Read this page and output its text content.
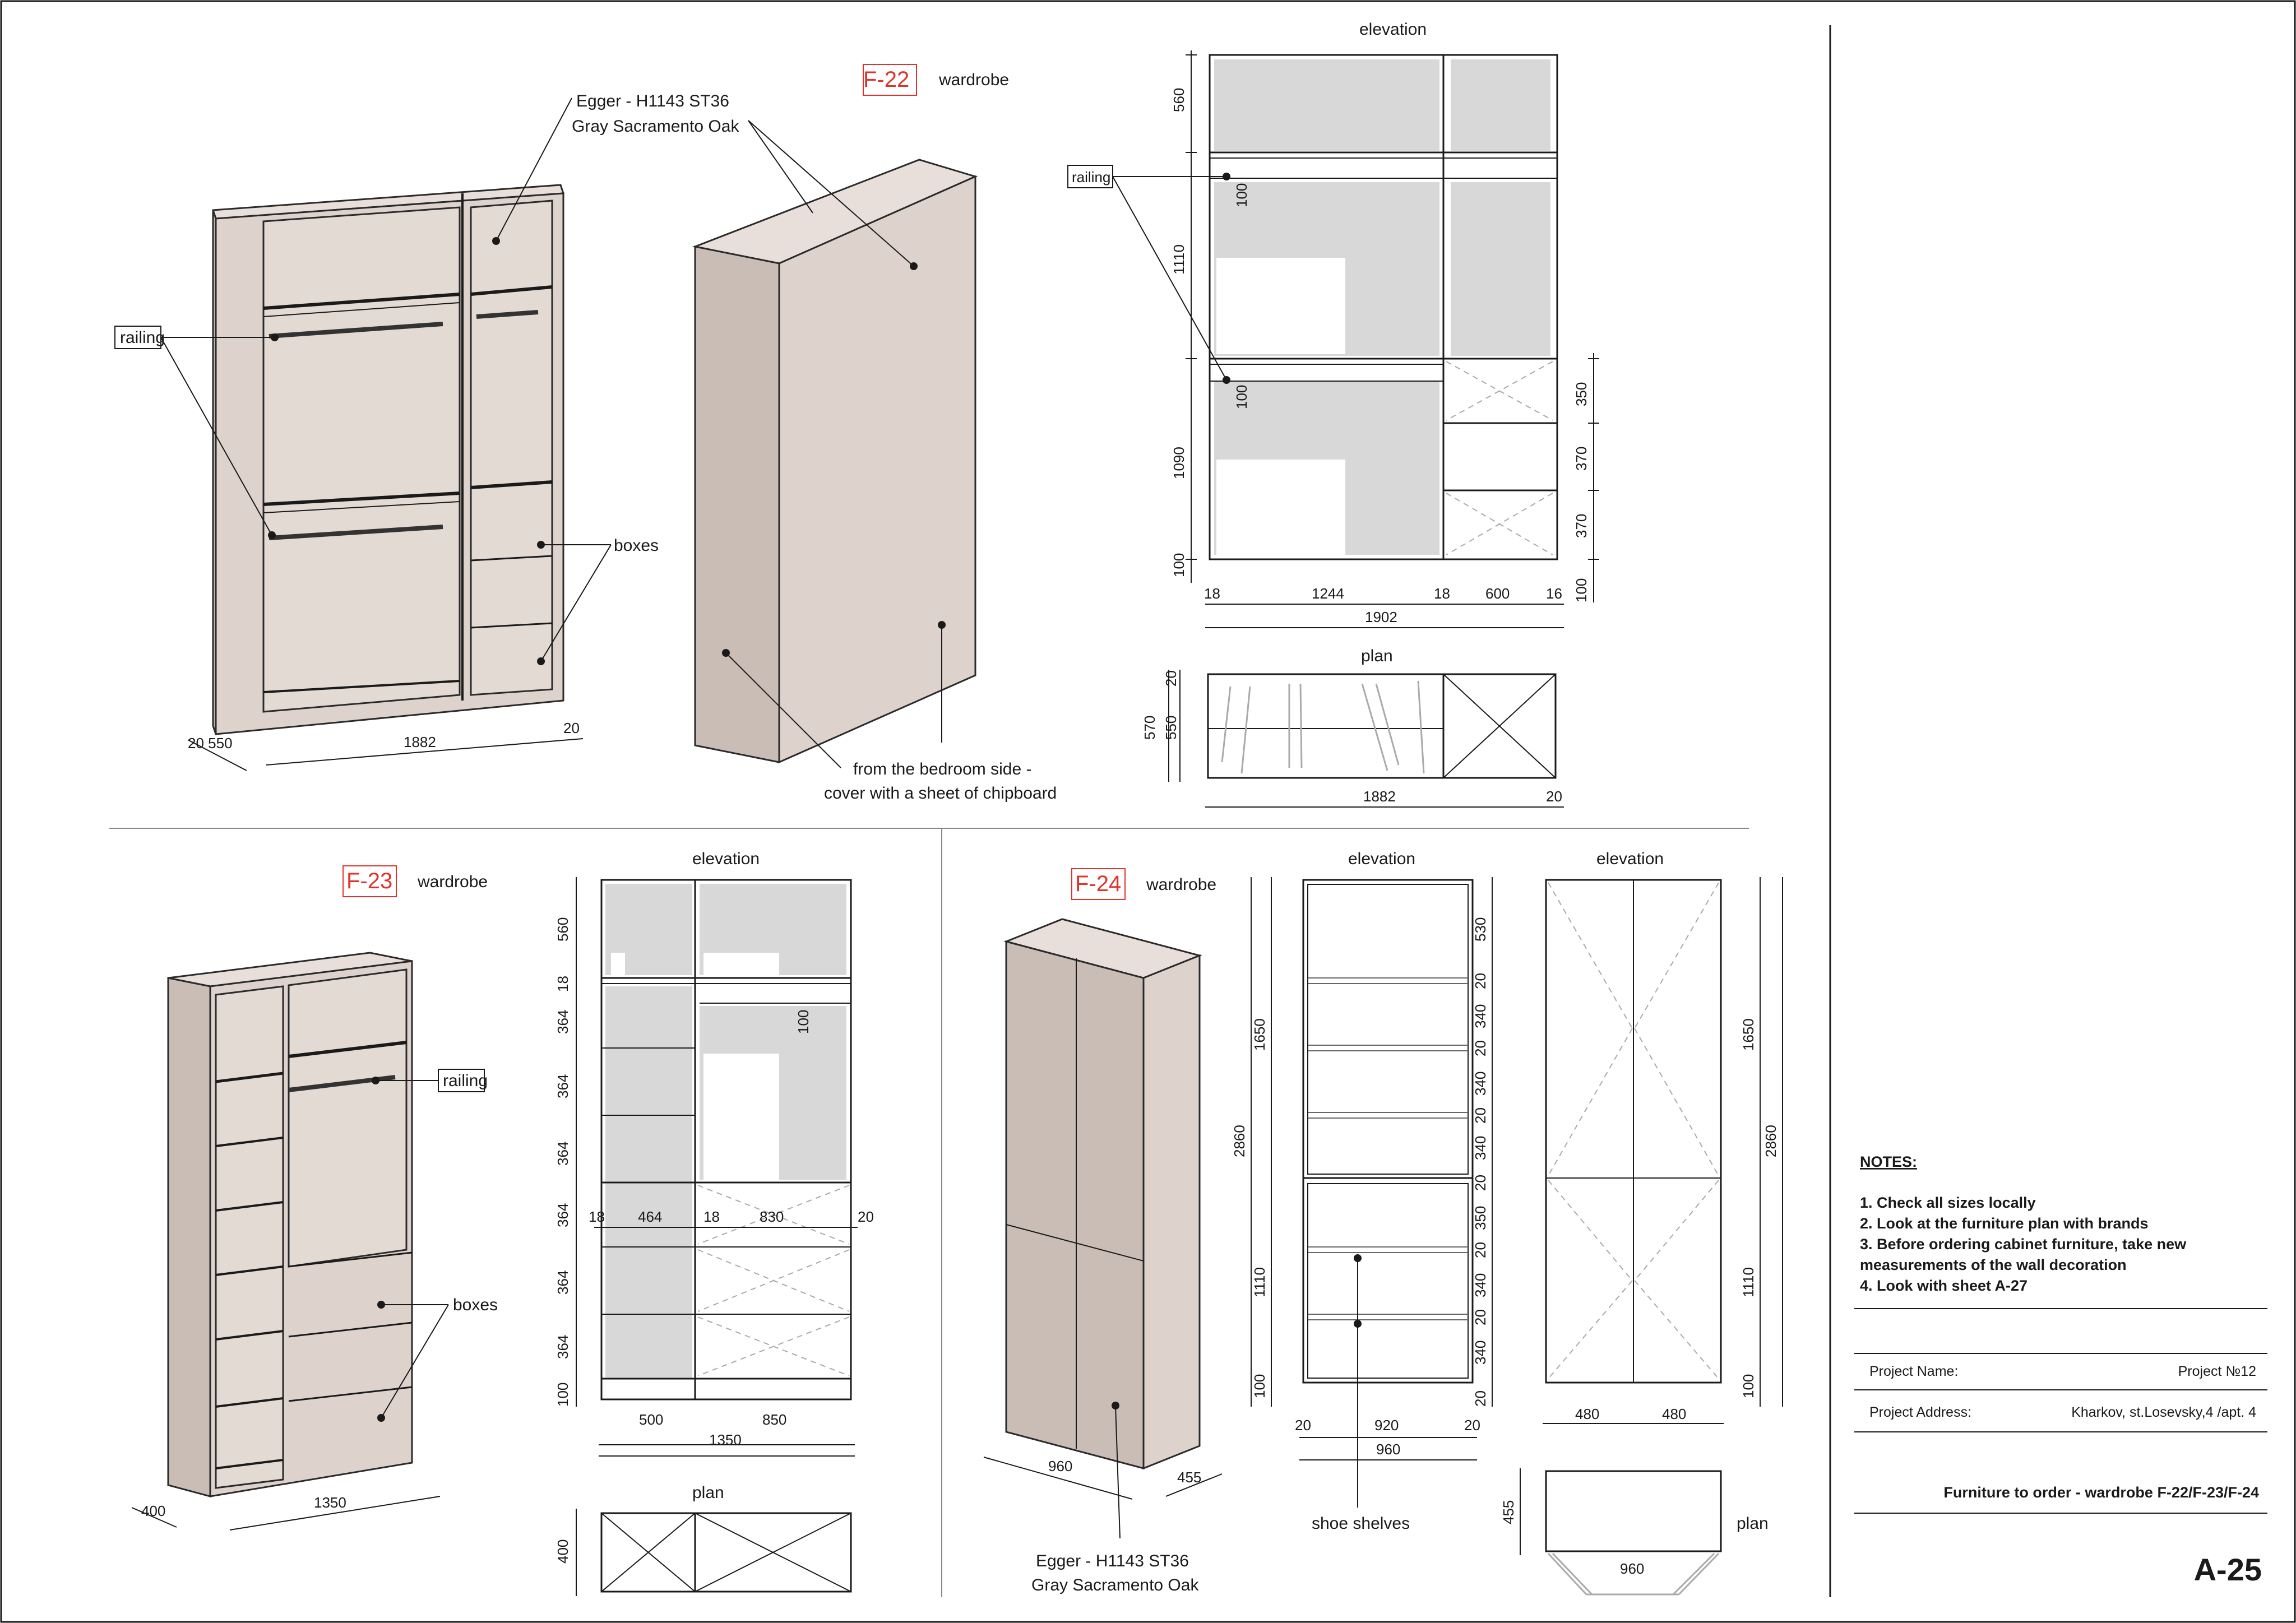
F-22 wardrobe
Egger - H1143 ST36
Gray Sacramento Oak
railing
boxes
from the bedroom side -
cover with a sheet of chipboard
1882
20 550
20
elevation
railing
560
1110
1090
100
100
100	350
370
370
100
18	1244	18 600 16
1902
plan
20
550
570
1882	20
F-23 wardrobe
railing
boxes
1350
400
elevation
560
18
364
364
364
364
364
364
100
100
18 464	18	830	20
500	850
1350
plan
400
F-24 wardrobe
Egger - H1143 ST36
Gray Sacramento Oak
960
455
elevation
2860
1650
1110
100
530
20
340
20
340
20
340
20
350
20
340
20
340
20
20	920	20
960
shoe shelves
elevation
1650
1110
100
2860
480	480
455
960
plan
NOTES:
1. Check all sizes locally
2. Look at the furniture plan with brands
3. Before ordering cabinet furniture, take new
measurements of the wall decoration
4. Look with sheet A-27
Project Name:	Project №12
Project Address:	Kharkov, st.Losevsky,4 /apt. 4
Furniture to order - wardrobe F-22/F-23/F-24
A-25
